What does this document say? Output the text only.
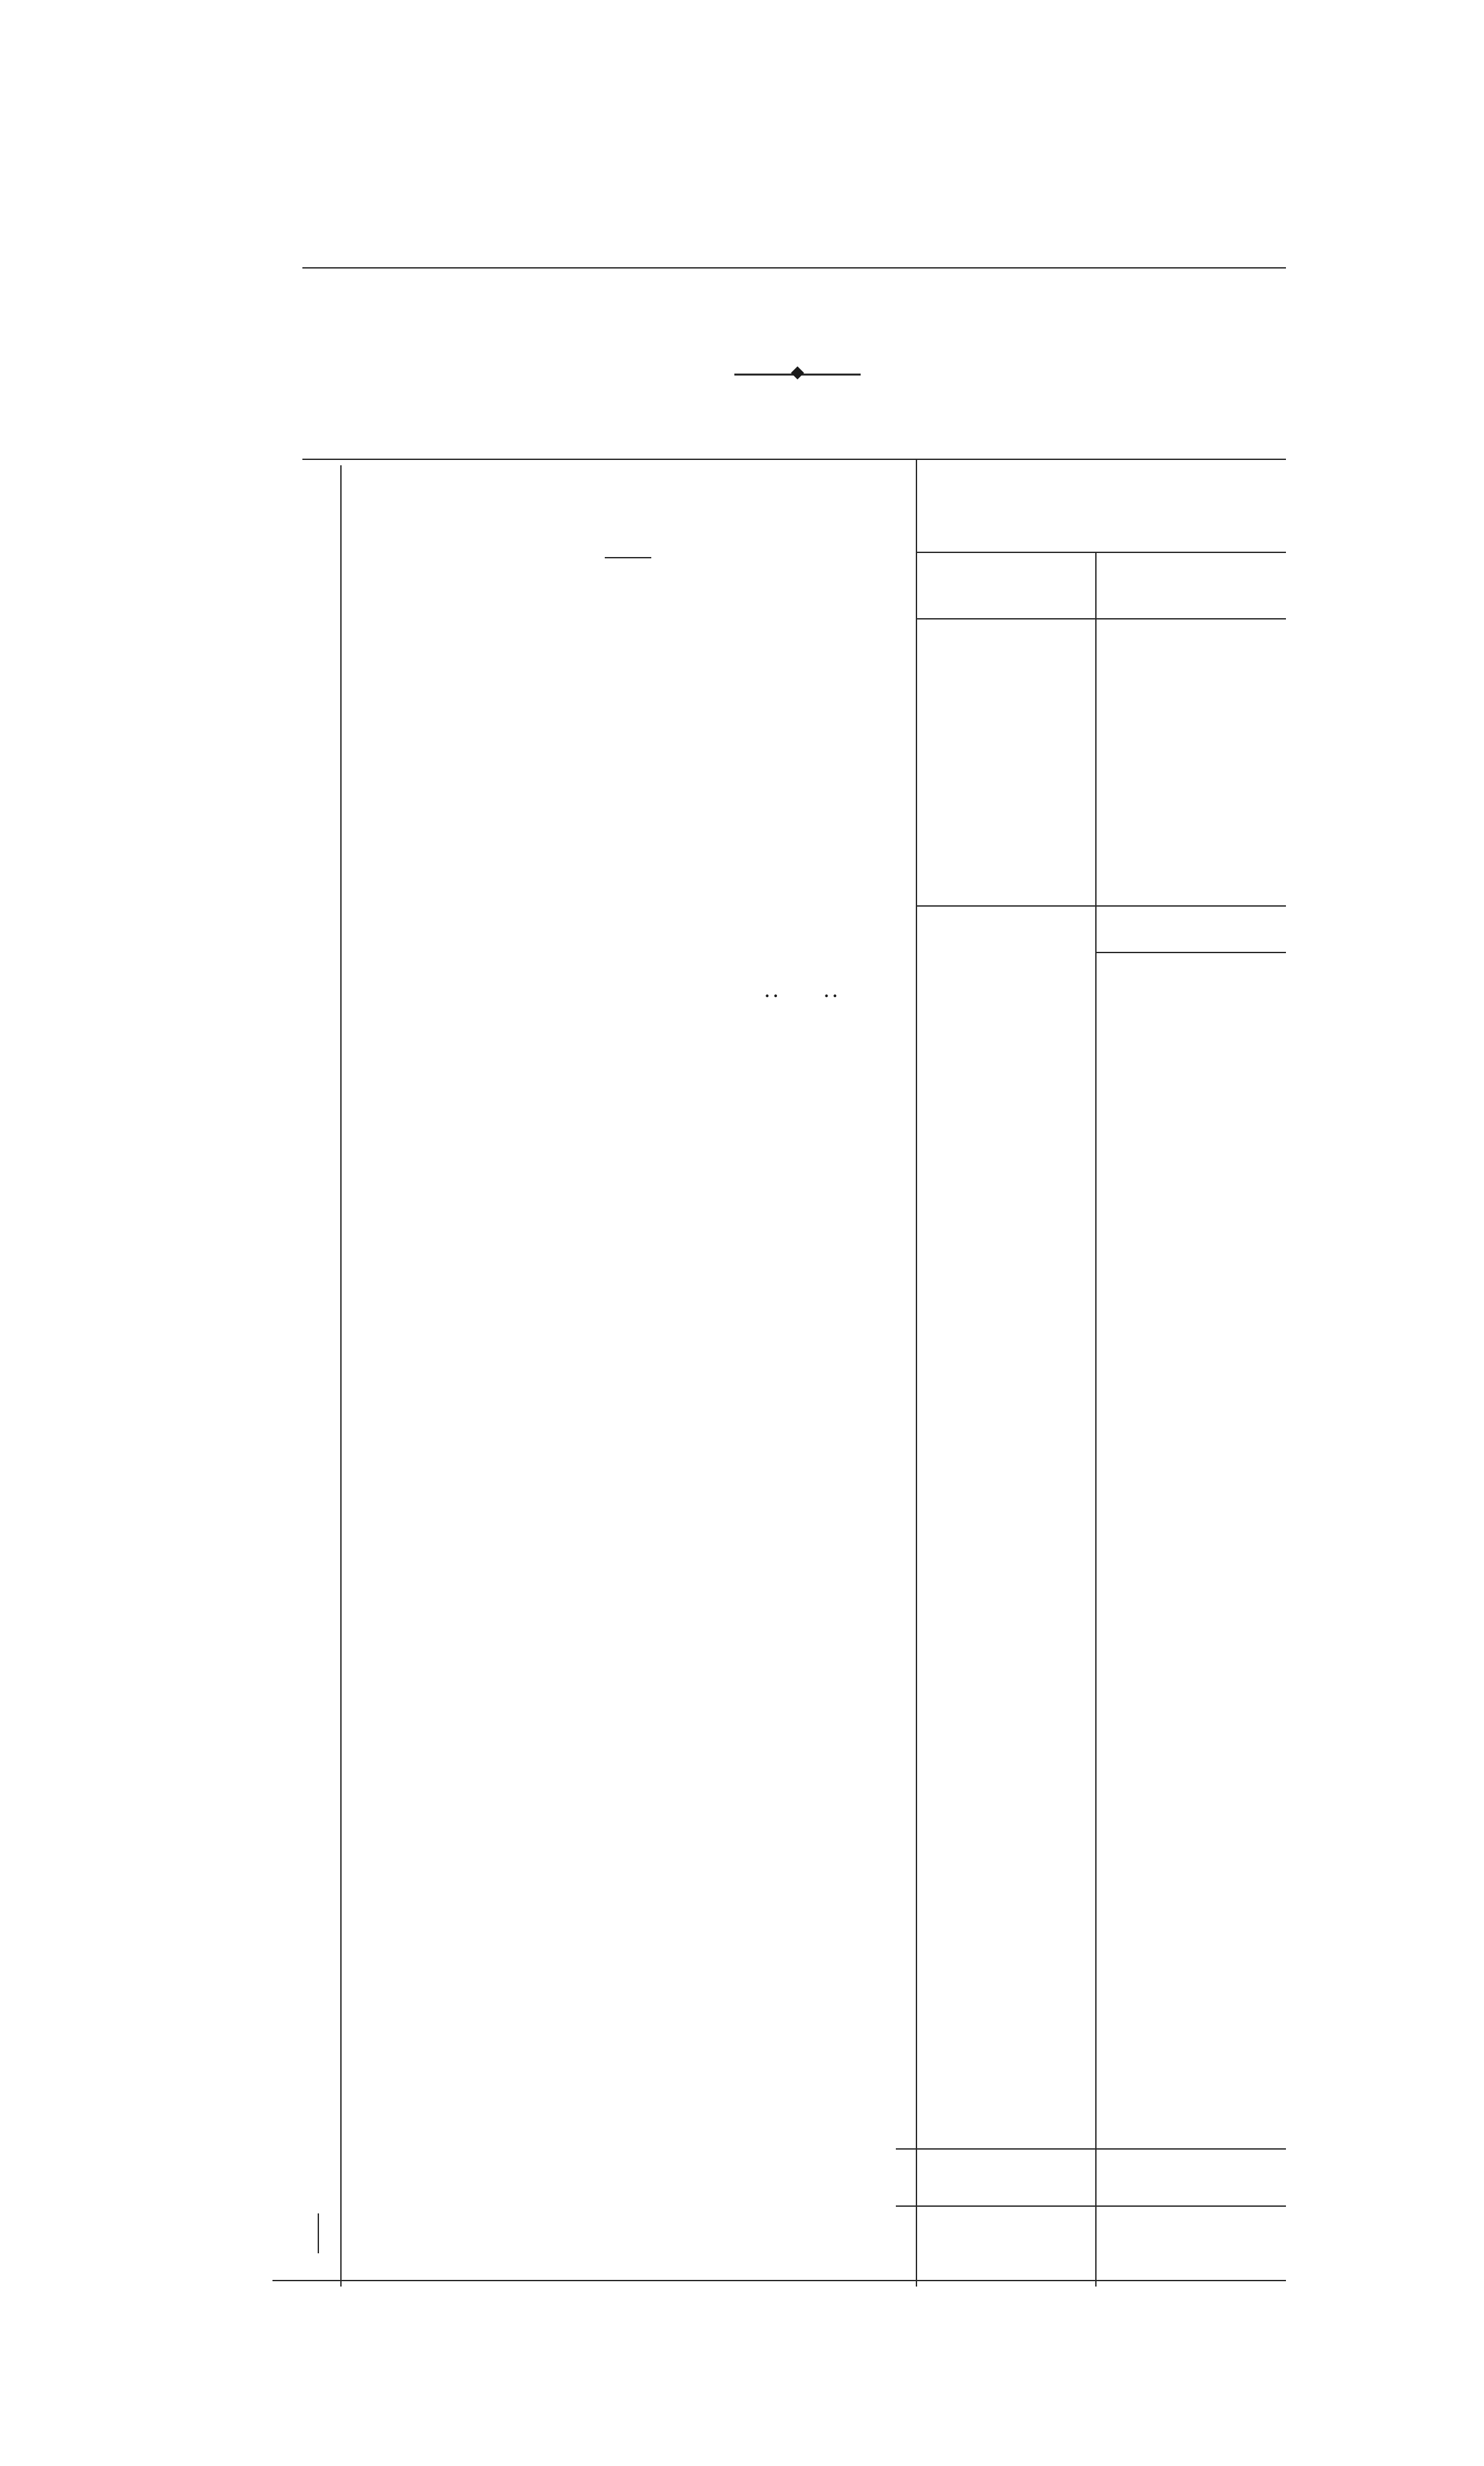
..     ..
